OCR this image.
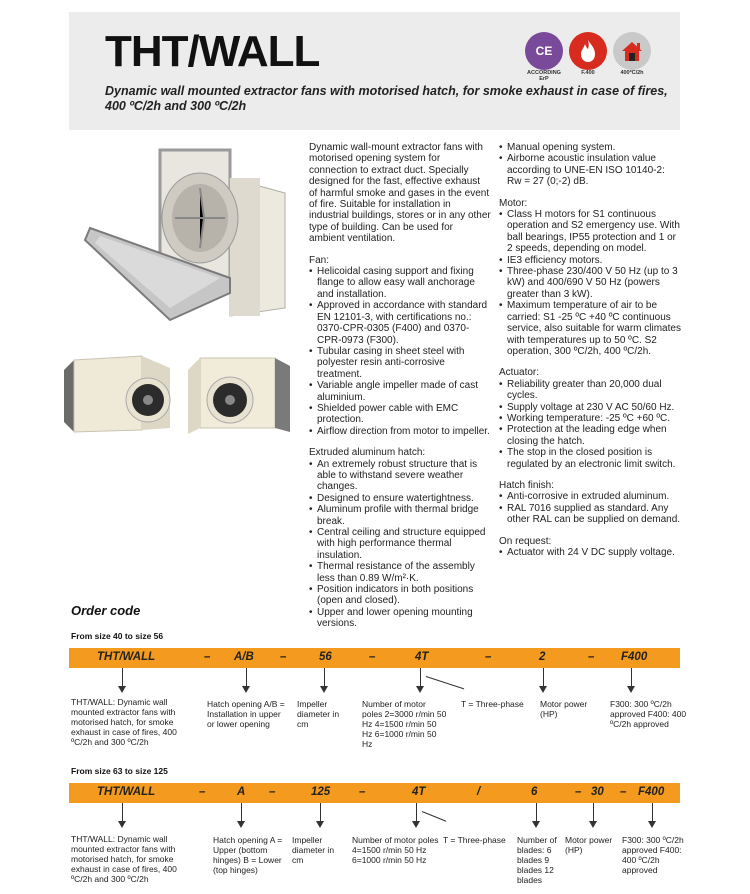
THT/WALL
Dynamic wall mounted extractor fans with motorised hatch, for smoke exhaust in case of fires, 400 ºC/2h and 300 ºC/2h
CE
ACCORDING ErP
F.400	400ºC/2h

Dynamic wall-mount extractor fans with motorised opening system for connection to extract duct. Specially designed for the fast, effective exhaust of harmful smoke and gases in the event of fire. Suitable for installation in industrial buildings, stores or in any other type of building. Can be used for ambient ventilation.

Fan:

• Helicoidal casing support and fixing flange to allow easy wall anchorage and installation.
• Approved in accordance with standard EN 12101-3, with certifications no.: 0370-CPR-0305 (F400) and 0370-CPR-0973 (F300).
• Tubular casing in sheet steel with polyester resin anti-corrosive treatment.
• Variable angle impeller made of cast aluminium.
• Shielded power cable with EMC protection.
• Airflow direction from motor to impeller.

Extruded aluminum hatch:

• An extremely robust structure that is able to withstand severe weather changes.
• Designed to ensure watertightness.
• Aluminum profile with thermal bridge break.
• Central ceiling and structure equipped with high performance thermal insulation.
• Thermal resistance of the assembly less than 0.89 W/m²·K.
• Position indicators in both positions (open and closed).
• Upper and lower opening mounting versions.
• Manual opening system.
• Airborne acoustic insulation value according to UNE-EN ISO 10140-2: Rw = 27 (0;-2) dB.

Motor:

• Class H motors for S1 continuous operation and S2 emergency use. With ball bearings, IP55 protection and 1 or 2 speeds, depending on model.
• IE3 efficiency motors.
• Three-phase 230/400 V 50 Hz (up to 3 kW) and 400/690 V 50 Hz (powers greater than 3 kW).
• Maximum temperature of air to be carried: S1 -25 ºC +40 ºC continuous service, also suitable for warm climates with temperatures up to 50 ºC. S2 operation, 300 ºC/2h, 400 ºC/2h.

Actuator:

• Reliability greater than 20,000 dual cycles.
• Supply voltage at 230 V AC 50/60 Hz.
• Working temperature: -25 ºC +60 ºC.
• Protection at the leading edge when closing the hatch.
• The stop in the closed position is regulated by an electronic limit switch.

Hatch finish:

• Anti-corrosive in extruded aluminum.
• RAL 7016 supplied as standard. Any other RAL can be supplied on demand.

On request:

• Actuator with 24 V DC supply voltage.
Order code
From size 40 to size 56
THT/WALL	– A/B –	56	–	4T	–	2	– F400
THT/WALL: Dynamic wall mounted extractor fans with motorised hatch, for smoke exhaust in case of fires, 400 ºC/2h and 300 ºC/2h
Hatch opening A/B = Installation in upper or lower opening
Impeller diameter in cm
Number of motor poles 2=3000 r/min 50 Hz 4=1500 r/min 50 Hz 6=1000 r/min 50 Hz
T = Three-phase	Motor power (HP)
F300: 300 ºC/2h approved F400: 400 ºC/2h approved
From size 63 to size 125
THT/WALL	–	A –	125	–	4T	/	6	– 30 – F400
THT/WALL: Dynamic wall mounted extractor fans with motorised hatch, for smoke exhaust in case of fires, 400 ºC/2h and 300 ºC/2h
Hatch opening A = Upper (bottom hinges) B = Lower (top hinges)
Impeller diameter in cm
Number of motor poles 4=1500 r/min 50 Hz 6=1000 r/min 50 Hz
T = Three-phase	Number of blades: 6 blades 9 blades 12 blades
Motor power (HP)
F300: 300 ºC/2h approved F400: 400 ºC/2h approved
